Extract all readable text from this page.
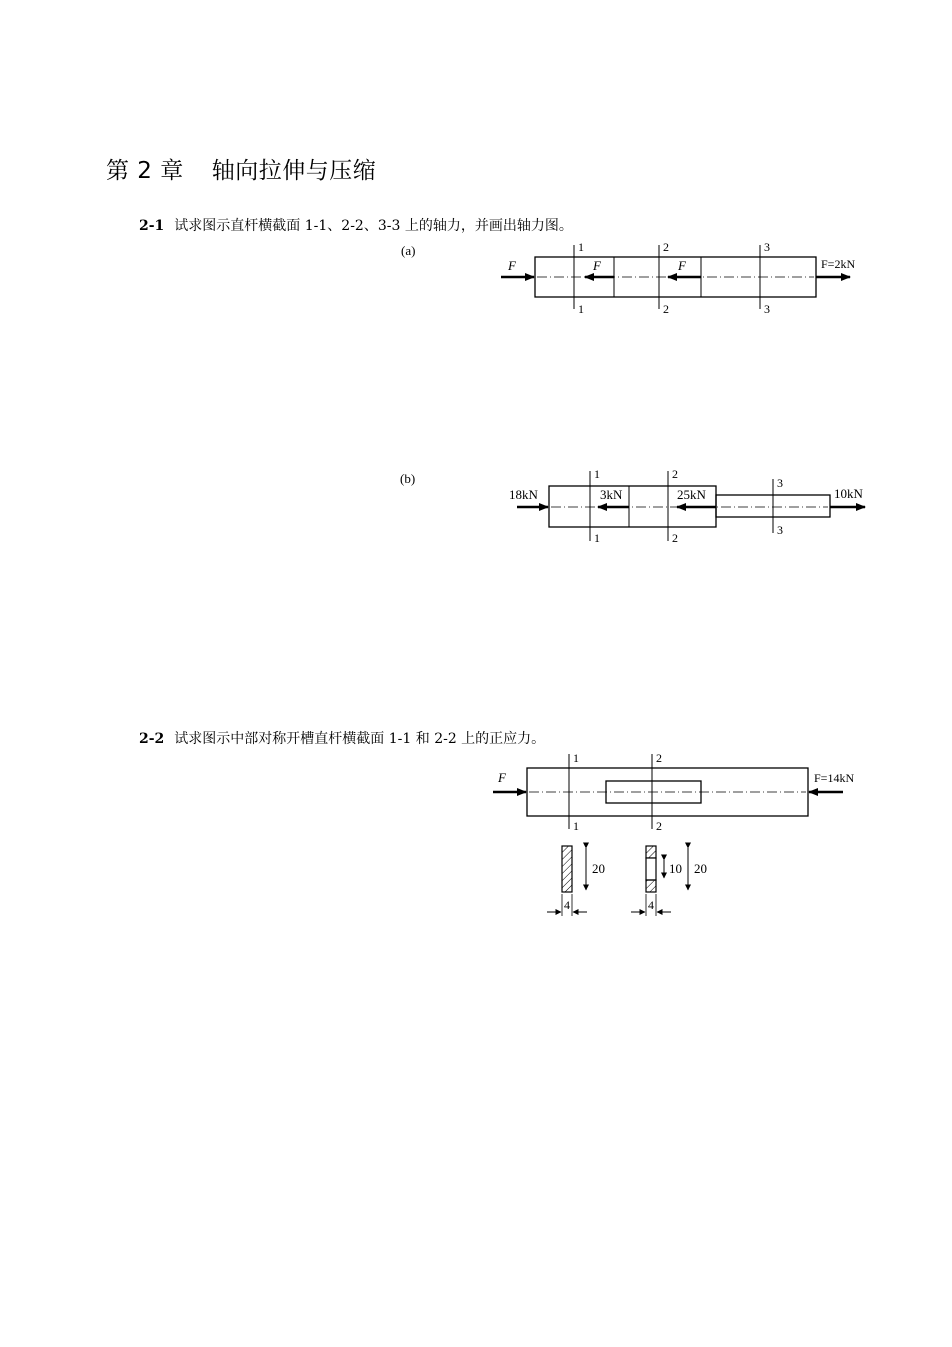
第 2 章 轴向拉伸与压缩
2-1 试求图示直杆横截面 1-1、2-2、3-3 上的轴力，并画出轴力图。
2-2 试求图示中部对称开槽直杆横截面 1-1 和 2-2 上的正应力。
(a)	1
1
2
2
3
3
F	F	F	F=2kN
(b)	1
1
2
2
3
3
18kN	3kN	25kN	10kN
1
1
2
2
F	F=14kN
20
4
10 20
4
